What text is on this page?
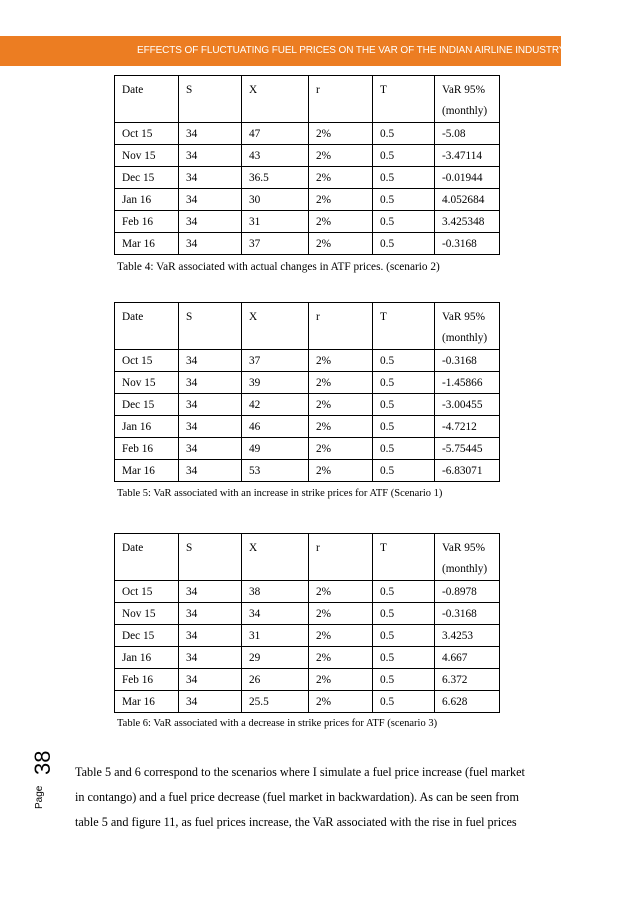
EFFECTS OF FLUCTUATING FUEL PRICES ON THE VAR OF THE INDIAN AIRLINE INDUSTRY
Date	S	X	r	T	VaR 95%
(monthly)
Oct 15	34	47	2%	0.5	-5.08
Nov 15	34	43	2%	0.5	-3.47114
Dec 15	34	36.5	2%	0.5	-0.01944
Jan 16	34	30	2%	0.5	4.052684
Feb 16	34	31	2%	0.5	3.425348
Mar 16	34	37	2%	0.5	-0.3168
Table 4: VaR associated with actual changes in ATF prices. (scenario 2)
Date	S	X	r	T	VaR 95%
(monthly)
Oct 15	34	37	2%	0.5	-0.3168
Nov 15	34	39	2%	0.5	-1.45866
Dec 15	34	42	2%	0.5	-3.00455
Jan 16	34	46	2%	0.5	-4.7212
Feb 16	34	49	2%	0.5	-5.75445
Mar 16	34	53	2%	0.5	-6.83071
Table 5: VaR associated with an increase in strike prices for ATF (Scenario 1)
Date	S	X	r	T	VaR 95%
(monthly)
Oct 15	34	38	2%	0.5	-0.8978
Nov 15	34	34	2%	0.5	-0.3168
Dec 15	34	31	2%	0.5	3.4253
Jan 16	34	29	2%	0.5	4.667
Feb 16	34	26	2%	0.5	6.372
Mar 16	34	25.5	2%	0.5	6.628
Table 6: VaR associated with a decrease in strike prices for ATF (scenario 3)
Table 5 and 6 correspond to the scenarios where I simulate a fuel price increase (fuel market
in contango) and a fuel price decrease (fuel market in backwardation). As can be seen from
table 5 and figure 11, as fuel prices increase, the VaR associated with the rise in fuel prices
Page
38
